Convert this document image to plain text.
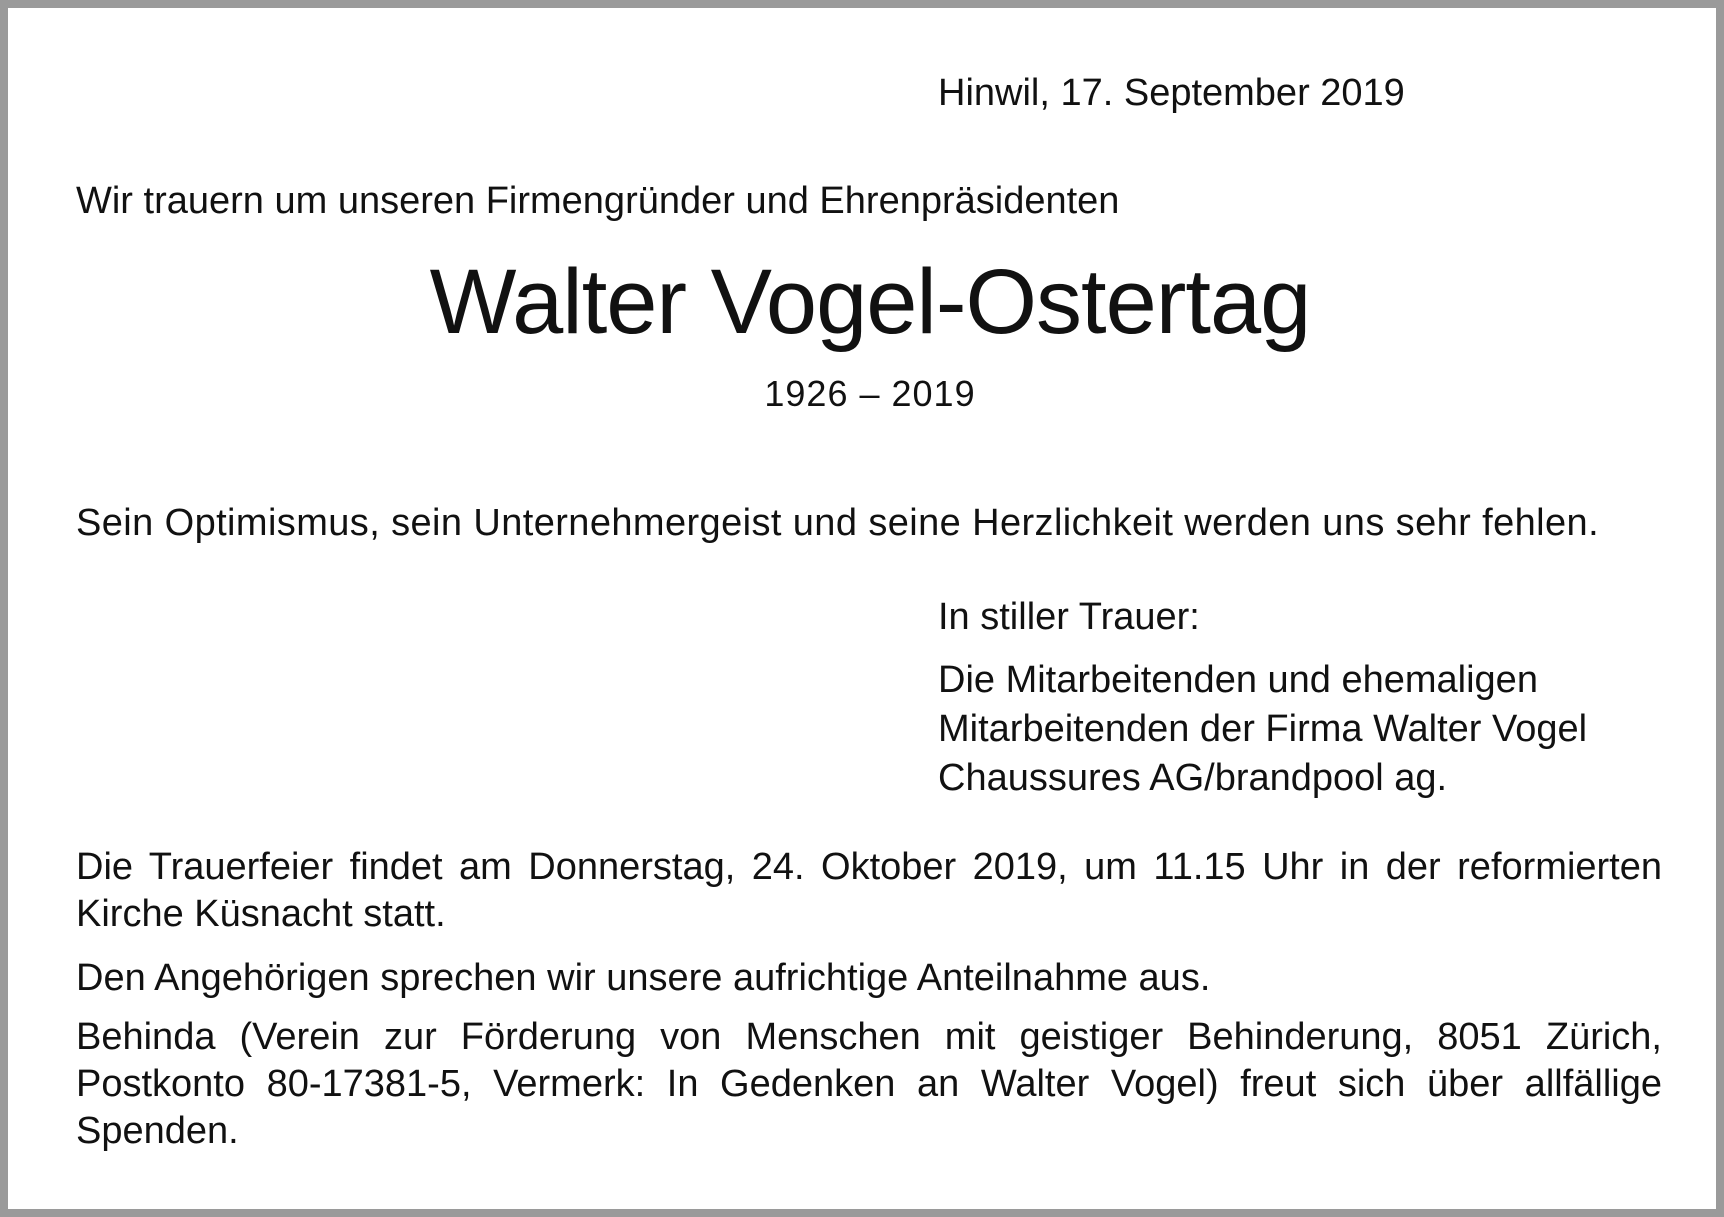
Hinwil, 17. September 2019

Wir trauern um unseren Firmengründer und Ehrenpräsidenten

Walter Vogel-Ostertag

1926 – 2019

Sein Optimismus, sein Unternehmergeist und seine Herzlichkeit werden uns sehr fehlen.

In stiller Trauer:

Die Mitarbeitenden und ehemaligen
Mitarbeitenden der Firma Walter Vogel
Chaussures AG/brandpool ag.
Die Trauerfeier findet am Donnerstag, 24. Oktober 2019, um 11.15 Uhr in der reformierten
Kirche Küsnacht statt.
Den Angehörigen sprechen wir unsere aufrichtige Anteilnahme aus.
Behinda (Verein zur Förderung von Menschen mit geistiger Behinderung, 8051 Zürich,
Postkonto 80-17381-5, Vermerk: In Gedenken an Walter Vogel) freut sich über allfällige
Spenden.
